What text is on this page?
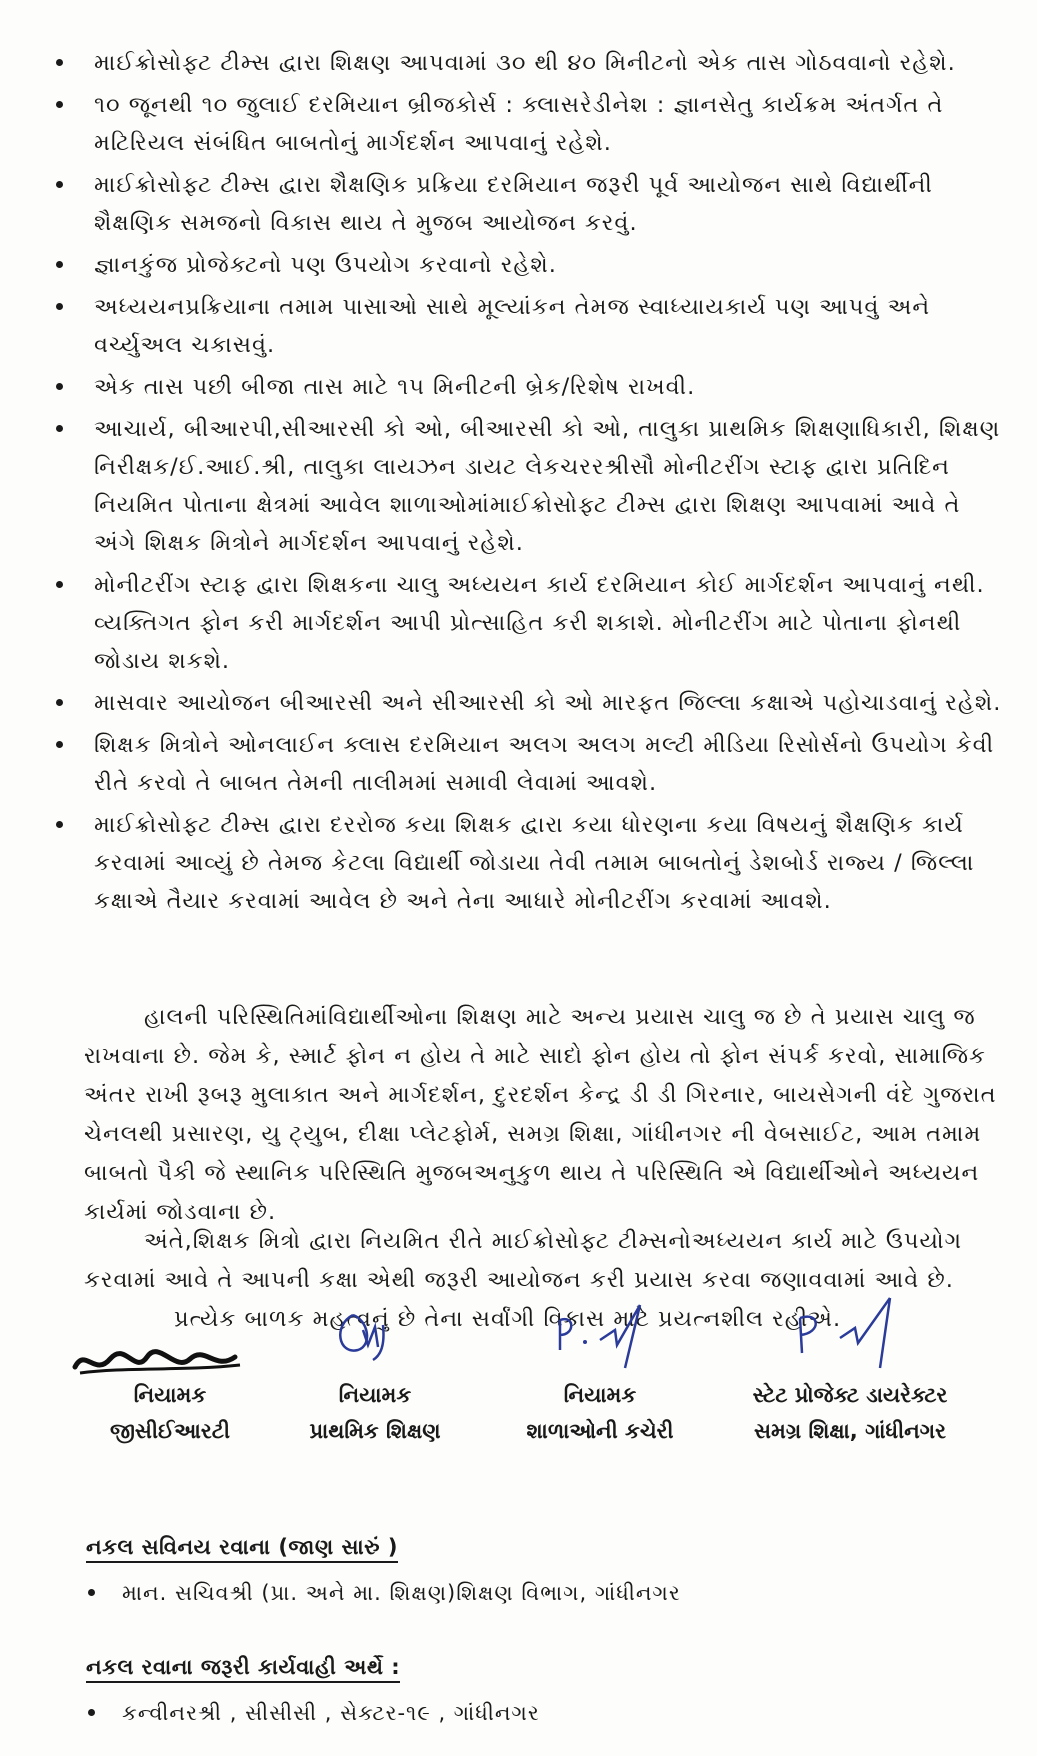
માઈક્રોસોફ્ટ ટીમ્સ દ્વારા શિક્ષણ આપવામાં ૩૦ થી ૪૦ મિનીટનો એક તાસ ગોઠવવાનો રહેશે.
૧૦ જૂનથી ૧૦ જુલાઈ દરમિયાન બ્રીજકોર્સ : ક્લાસરેડીનેશ : જ્ઞાનસેતુ કાર્યક્રમ અંતર્ગત તે મટિરિયલ સંબંધિત બાબતોનું માર્ગદર્શન આપવાનું રહેશે.
માઈક્રોસોફ્ટ ટીમ્સ દ્વારા શૈક્ષણિક પ્રક્રિયા દરમિયાન જરૂરી પૂર્વ આયોજન સાથે વિદ્યાર્થીની શૈક્ષણિક સમજનો વિકાસ થાય તે મુજબ આયોજન કરવું.
જ્ઞાનકુંજ પ્રોજેક્ટનો પણ ઉપયોગ કરવાનો રહેશે.
અધ્યયનપ્રક્રિયાના તમામ પાસાઓ સાથે મૂલ્યાંકન તેમજ સ્વાધ્યાયકાર્ય પણ આપવું અને વર્ચ્યુઅલ ચકાસવું.
એક તાસ પછી બીજા તાસ માટે ૧૫ મિનીટની બ્રેક/રિશેષ રાખવી.
આચાર્ય, બીઆરપી,સીઆરસી કો ઓ, બીઆરસી કો ઓ, તાલુકા પ્રાથમિક શિક્ષણાધિકારી, શિક્ષણ નિરીક્ષક/ઈ.આઈ.શ્રી, તાલુકા લાયઝન ડાયટ લેકચરરશ્રીસૌ મોનીટરીંગ સ્ટાફ દ્વારા પ્રતિદિન નિયમિત પોતાના ક્ષેત્રમાં આવેલ શાળાઓમાંમાઈક્રોસોફ્ટ ટીમ્સ દ્વારા શિક્ષણ આપવામાં આવે તે અંગે શિક્ષક મિત્રોને માર્ગદર્શન આપવાનું રહેશે.
મોનીટરીંગ સ્ટાફ દ્વારા શિક્ષકના ચાલુ અધ્યયન કાર્ય દરમિયાન કોઈ માર્ગદર્શન આપવાનું નથી. વ્યક્તિગત ફોન કરી માર્ગદર્શન આપી પ્રોત્સાહિત કરી શકાશે. મોનીટરીંગ માટે પોતાના ફોનથી જોડાય શકશે.
માસવાર આયોજન બીઆરસી અને સીઆરસી કો ઓ મારફત જિલ્લા કક્ષાએ પહોચાડવાનું રહેશે.
શિક્ષક મિત્રોને ઓનલાઈન ક્લાસ દરમિયાન અલગ અલગ મલ્ટી મીડિયા રિસોર્સનો ઉપયોગ કેવી રીતે કરવો તે બાબત તેમની તાલીમમાં સમાવી લેવામાં આવશે.
માઈક્રોસોફ્ટ ટીમ્સ દ્વારા દરરોજ કયા શિક્ષક દ્વારા કયા ધોરણના કયા વિષયનું શૈક્ષણિક કાર્ય કરવામાં આવ્યું છે તેમજ કેટલા વિદ્યાર્થી જોડાયા તેવી તમામ બાબતોનું ડેશબોર્ડ રાજ્ય / જિલ્લા કક્ષાએ તૈયાર કરવામાં આવેલ છે અને તેના આધારે મોનીટરીંગ કરવામાં આવશે.

હાલની પરિસ્થિતિમાંવિદ્યાર્થીઓના શિક્ષણ માટે અન્ય પ્રયાસ ચાલુ જ છે તે પ્રયાસ ચાલુ જ રાખવાના છે. જેમ કે, સ્માર્ટ ફોન ન હોય તે માટે સાદો ફોન હોય તો ફોન સંપર્ક કરવો, સામાજિક અંતર રાખી રૂબરૂ મુલાકાત અને માર્ગદર્શન, દુરદર્શન કેન્દ્ર ડી ડી ગિરનાર, બાયસેગની વંદે ગુજરાત ચેનલથી પ્રસારણ, યુ ટ્યુબ, દીક્ષા પ્લેટફોર્મ, સમગ્ર શિક્ષા, ગાંધીનગર ની વેબસાઈટ, આમ તમામ બાબતો પૈકી જે સ્થાનિક પરિસ્થિતિ મુજબઅનુકુળ થાય તે પરિસ્થિતિ એ વિદ્યાર્થીઓને અધ્યયન કાર્યમાં જોડવાના છે.

અંતે,શિક્ષક મિત્રો દ્વારા નિયમિત રીતે માઈક્રોસોફ્ટ ટીમ્સનોઅધ્યયન કાર્ય માટે ઉપયોગ કરવામાં આવે તે આપની કક્ષા એથી જરૂરી આયોજન કરી પ્રયાસ કરવા જણાવવામાં આવે છે.

પ્રત્યેક બાળક મહત્વનું છે તેના સર્વાંગી વિકાસ માટે પ્રયત્નશીલ રહીએ.

નિયામક
જીસીઈઆરટી
નિયામક
પ્રાથમિક શિક્ષણ
નિયામક
શાળાઓની કચેરી
સ્ટેટ પ્રોજેક્ટ ડાયરેક્ટર
સમગ્ર શિક્ષા, ગાંધીનગર
નકલ સવિનય રવાના (જાણ સારું )
માન. સચિવશ્રી (પ્રા. અને મા. શિક્ષણ)શિક્ષણ વિભાગ, ગાંધીનગર
નકલ રવાના જરૂરી કાર્યવાહી અર્થે :
કન્વીનરશ્રી , સીસીસી , સેક્ટર-૧૯ , ગાંધીનગર
